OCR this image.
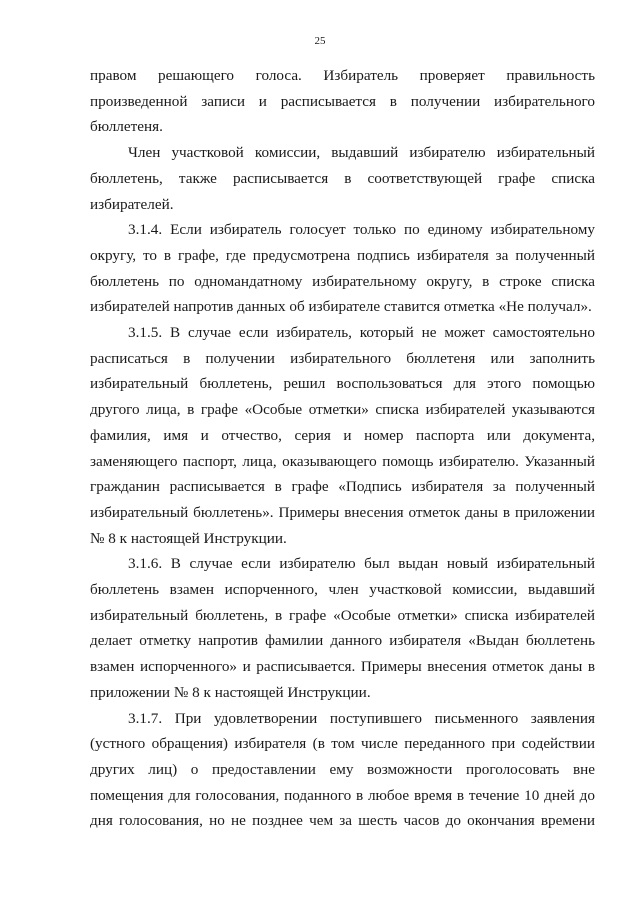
25
правом решающего голоса. Избиратель проверяет правильность
произведенной записи и расписывается в получении избирательного
бюллетеня.
Член участковой комиссии, выдавший избирателю избирательный
бюллетень, также расписывается в соответствующей графе списка
избирателей.
3.1.4. Если избиратель голосует только по единому избирательному
округу, то в графе, где предусмотрена подпись избирателя за полученный
бюллетень по одномандатному избирательному округу, в строке списка
избирателей напротив данных об избирателе ставится отметка «Не получал».
3.1.5. В случае если избиратель, который не может самостоятельно
расписаться в получении избирательного бюллетеня или заполнить
избирательный бюллетень, решил воспользоваться для этого помощью
другого лица, в графе «Особые отметки» списка избирателей указываются
фамилия, имя и отчество, серия и номер паспорта или документа,
заменяющего паспорт, лица, оказывающего помощь избирателю. Указанный
гражданин расписывается в графе «Подпись избирателя за полученный
избирательный бюллетень». Примеры внесения отметок даны в приложении
№ 8 к настоящей Инструкции.
3.1.6. В случае если избирателю был выдан новый избирательный
бюллетень взамен испорченного, член участковой комиссии, выдавший
избирательный бюллетень, в графе «Особые отметки» списка избирателей
делает отметку напротив фамилии данного избирателя «Выдан бюллетень
взамен испорченного» и расписывается. Примеры внесения отметок даны в
приложении № 8 к настоящей Инструкции.
3.1.7. При удовлетворении поступившего письменного заявления
(устного обращения) избирателя (в том числе переданного при содействии
других лиц) о предоставлении ему возможности проголосовать вне
помещения для голосования, поданного в любое время в течение 10 дней до
дня голосования, но не позднее чем за шесть часов до окончания времени
